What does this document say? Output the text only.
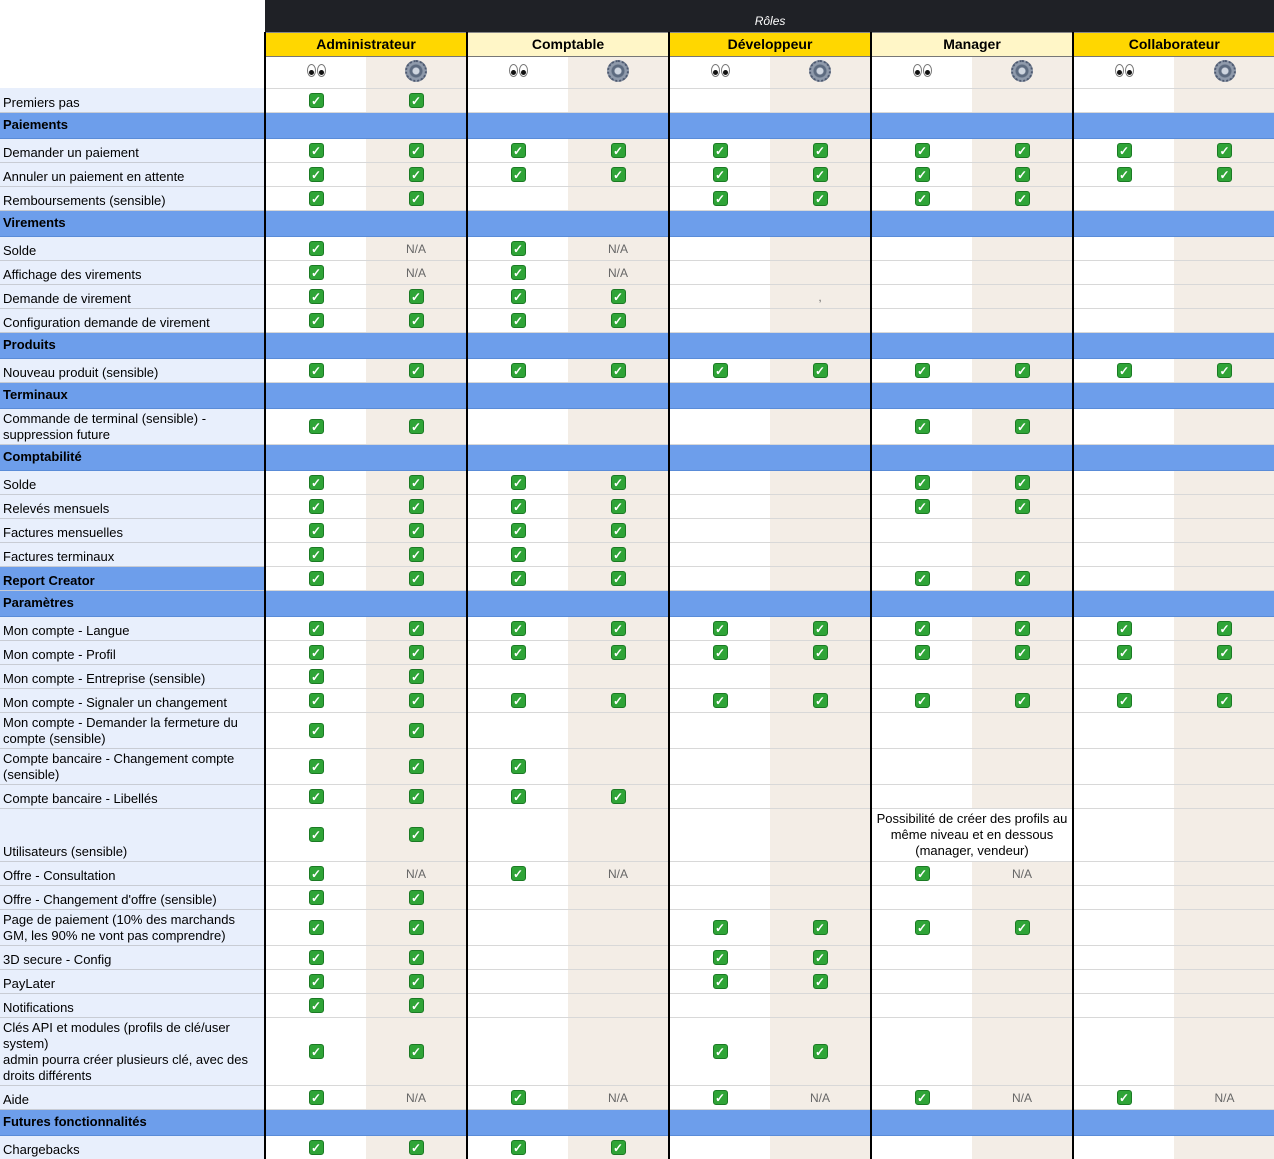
	Rôles									
	Administrateur		Comptable		Développeur		Manager		Collaborateur	

Premiers pas	✓	✓								
Paiements										
Demander un paiement	✓	✓	✓	✓	✓	✓	✓	✓	✓	✓
Annuler un paiement en attente	✓	✓	✓	✓	✓	✓	✓	✓	✓	✓
Remboursements (sensible)	✓	✓			✓	✓	✓	✓		
Virements										
Solde	✓	N/A	✓	N/A						
Affichage des virements	✓	N/A	✓	N/A						
Demande de virement	✓	✓	✓	✓		,				
Configuration demande de virement	✓	✓	✓	✓						
Produits										
Nouveau produit (sensible)	✓	✓	✓	✓	✓	✓	✓	✓	✓	✓
Terminaux										
Commande de terminal (sensible) - suppression future	✓	✓					✓	✓		
Comptabilité										
Solde	✓	✓	✓	✓			✓	✓		
Relevés mensuels	✓	✓	✓	✓			✓	✓		
Factures mensuelles	✓	✓	✓	✓						
Factures terminaux	✓	✓	✓	✓						
Report Creator	✓	✓	✓	✓			✓	✓		
Paramètres										
Mon compte - Langue	✓	✓	✓	✓	✓	✓	✓	✓	✓	✓
Mon compte - Profil	✓	✓	✓	✓	✓	✓	✓	✓	✓	✓
Mon compte - Entreprise (sensible)	✓	✓								
Mon compte - Signaler un changement	✓	✓	✓	✓	✓	✓	✓	✓	✓	✓
Mon compte - Demander la fermeture du compte (sensible)	✓	✓								
Compte bancaire - Changement compte (sensible)	✓	✓	✓							
Compte bancaire - Libellés	✓	✓	✓	✓						
Utilisateurs (sensible)	✓	✓					Possibilité de créer des profils au même niveau et en dessous (manager, vendeur)			

Offre - Consultation	✓	N/A	✓	N/A			✓	N/A		
Offre - Changement d'offre (sensible)	✓	✓								
Page de paiement (10% des marchands GM, les 90% ne vont pas comprendre)	✓	✓			✓	✓	✓	✓		
3D secure - Config	✓	✓			✓	✓				
PayLater	✓	✓			✓	✓				
Notifications	✓	✓								
Clés API et modules (profils de clé/user system)
admin pourra créer plusieurs clé, avec des droits différents	✓	✓			✓	✓				
Aide	✓	N/A	✓	N/A	✓	N/A	✓	N/A	✓	N/A
Futures fonctionnalités										
Chargebacks	✓	✓	✓	✓						
